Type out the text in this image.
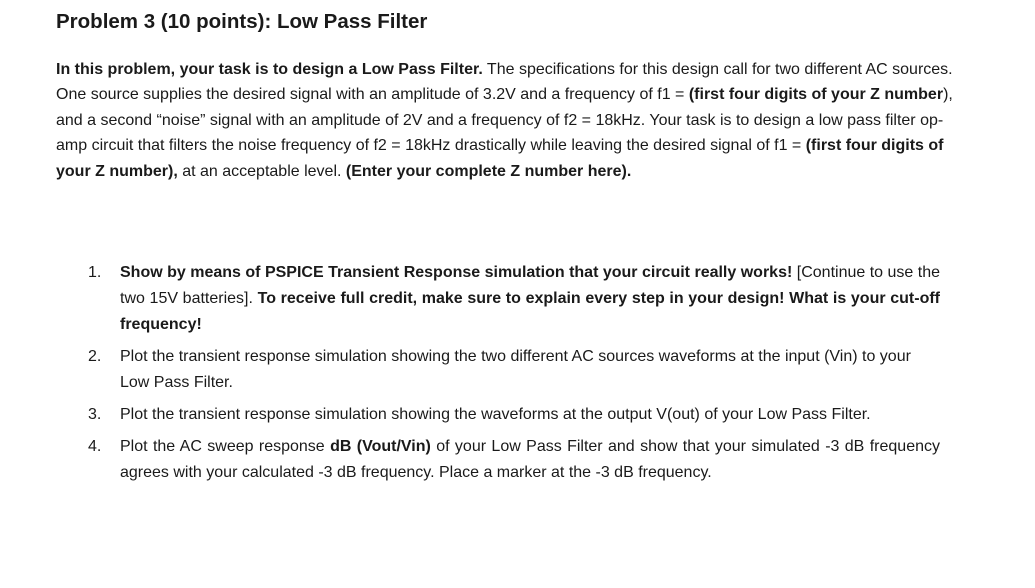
Problem 3 (10 points): Low Pass Filter

In this problem, your task is to design a Low Pass Filter. The specifications for this design call for two different AC sources. One source supplies the desired signal with an amplitude of 3.2V and a frequency of f1 = (first four digits of your Z number), and a second “noise” signal with an amplitude of 2V and a frequency of f2 = 18kHz. Your task is to design a low pass filter op-amp circuit that filters the noise frequency of f2 = 18kHz drastically while leaving the desired signal of f1 = (first four digits of your Z number), at an acceptable level. (Enter your complete Z number here).

1. Show by means of PSPICE Transient Response simulation that your circuit really works! [Continue to use the two 15V batteries]. To receive full credit, make sure to explain every step in your design! What is your cut-off frequency!
2. Plot the transient response simulation showing the two different AC sources waveforms at the input (Vin) to your Low Pass Filter.
3. Plot the transient response simulation showing the waveforms at the output V(out) of your Low Pass Filter.
4. Plot the AC sweep response dB (Vout/Vin) of your Low Pass Filter and show that your simulated -3 dB frequency agrees with your calculated -3 dB frequency. Place a marker at the -3 dB frequency.
